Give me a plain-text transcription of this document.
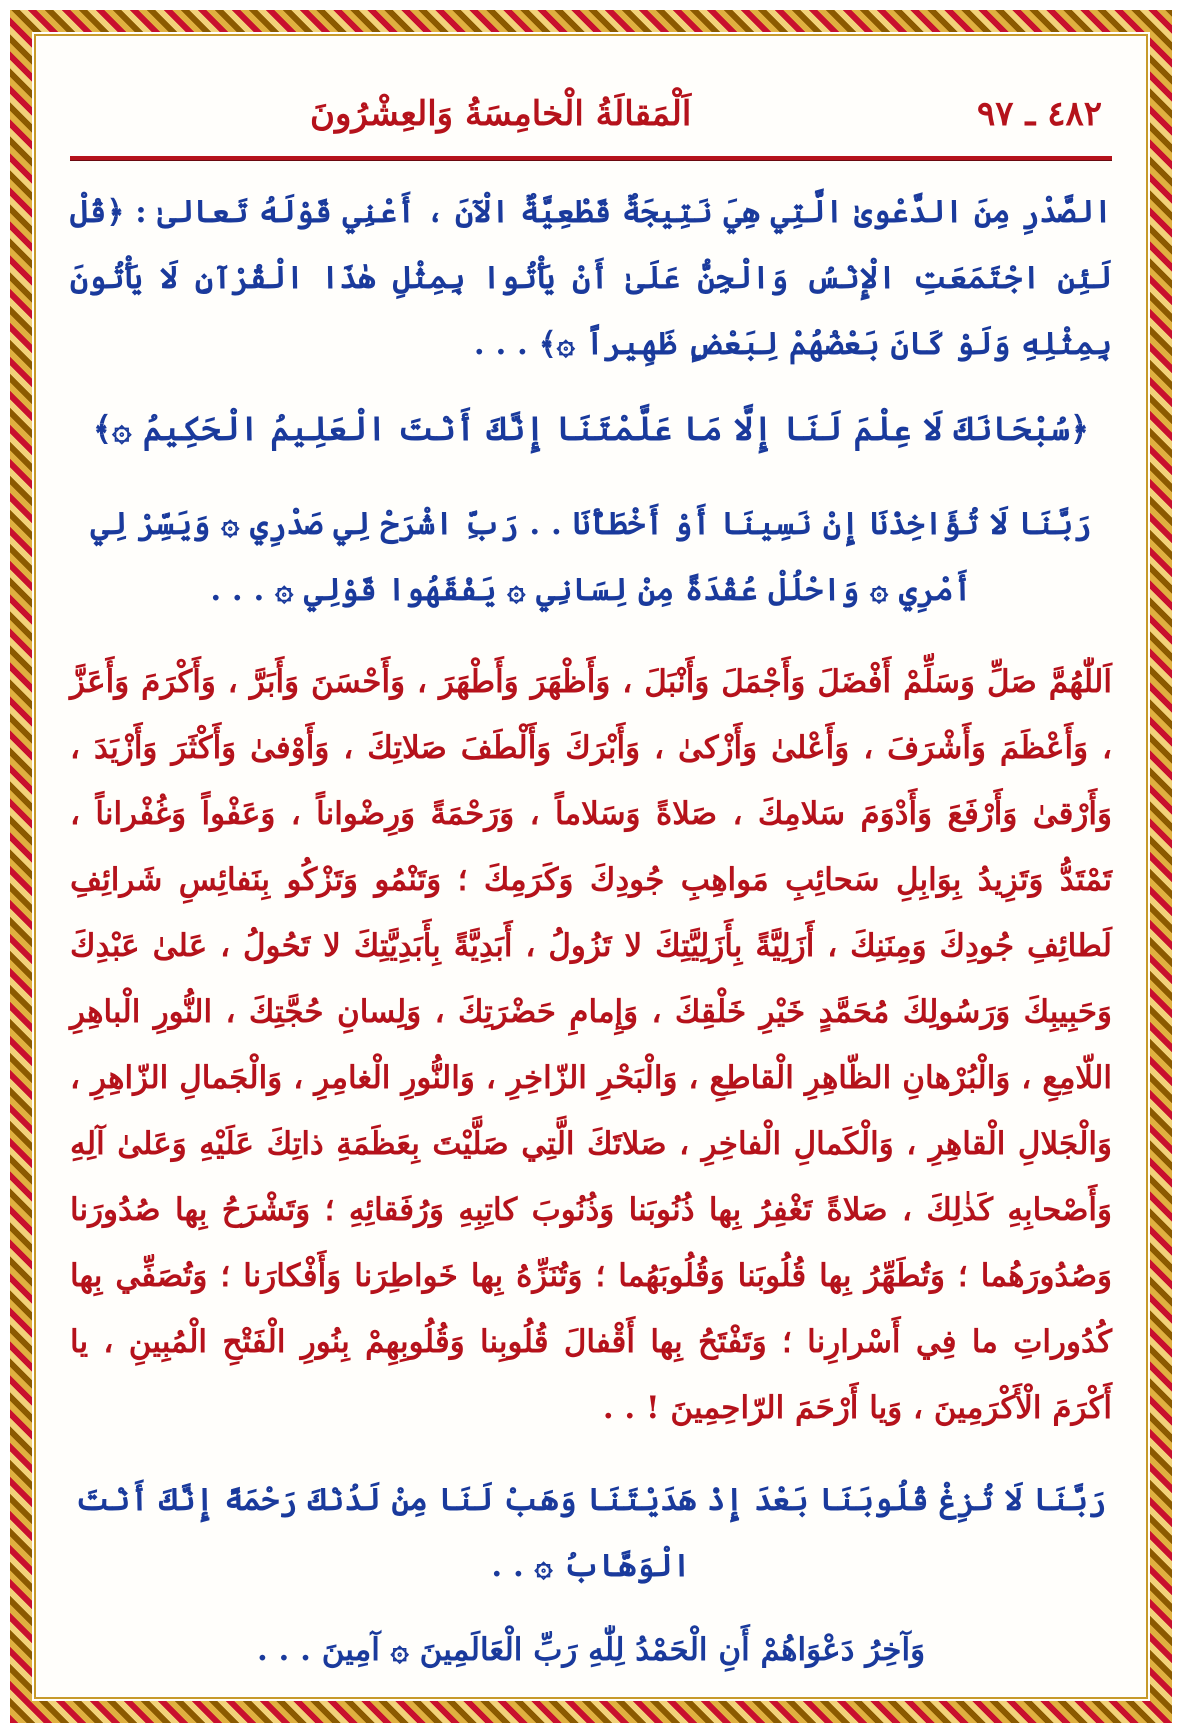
٤٨٢ ـ ٩٧
اَلْمَقالَةُ الْخامِسَةُ وَالعِشْرُونَ

الصَّدْرِ مِنَ الدَّعْوىٰ الَّتِي هِيَ نَتِيجَةٌ قَطْعِيَّةٌ الْآنَ ، أَعْنِي قَوْلَهُ تَعالىٰ : ﴿قُلْ لَئِنِ اجْتَمَعَتِ الْإِنْسُ وَالْجِنُّ عَلَىٰ أَنْ يَأْتُوا بِمِثْلِ هٰذَا الْقُرْآنِ لَا يَأْتُونَ بِمِثْلِهِ وَلَوْ كَانَ بَعْضُهُمْ لِبَعْضٍ ظَهِيراً ۞﴾ . . .

﴿سُبْحَانَكَ لَا عِلْمَ لَنَا إِلَّا مَا عَلَّمْتَنَا إِنَّكَ أَنْتَ الْعَلِيمُ الْحَكِيمُ ۞﴾

رَبَّنَا لَا تُؤَاخِذْنَا إِنْ نَسِينَا أَوْ أَخْطَأْنَا . . رَبِّ اشْرَحْ لِي صَدْرِي ۞ وَيَسِّرْ لِي أَمْرِي ۞ وَاحْلُلْ عُقْدَةً مِنْ لِسَانِي ۞ يَفْقَهُوا قَوْلِي ۞ . . .

اَللّٰهُمَّ صَلِّ وَسَلِّمْ أَفْضَلَ وَأَجْمَلَ وَأَنْبَلَ ، وَأَظْهَرَ وَأَطْهَرَ ، وَأَحْسَنَ وَأَبَرَّ ، وَأَكْرَمَ وَأَعَزَّ ، وَأَعْظَمَ وَأَشْرَفَ ، وَأَعْلىٰ وَأَزْكىٰ ، وَأَبْرَكَ وَأَلْطَفَ صَلاتِكَ ، وَأَوْفىٰ وَأَكْثَرَ وَأَزْيَدَ ، وَأَرْقىٰ وَأَرْفَعَ وَأَدْوَمَ سَلامِكَ ، صَلاةً وَسَلاماً ، وَرَحْمَةً وَرِضْواناً ، وَعَفْواً وَغُفْراناً ، تَمْتَدُّ وَتَزِيدُ بِوَابِلِ سَحائِبِ مَواهِبِ جُودِكَ وَكَرَمِكَ ؛ وَتَنْمُو وَتَزْكُو بِنَفائِسِ شَرائِفِ لَطائِفِ جُودِكَ وَمِنَنِكَ ، أَزَلِيَّةً بِأَزَلِيَّتِكَ لا تَزُولُ ، أَبَدِيَّةً بِأَبَدِيَّتِكَ لا تَحُولُ ، عَلىٰ عَبْدِكَ وَحَبِيبِكَ وَرَسُولِكَ مُحَمَّدٍ خَيْرِ خَلْقِكَ ، وَإِمامِ حَضْرَتِكَ ، وَلِسانِ حُجَّتِكَ ، النُّورِ الْباهِرِ اللّامِعِ ، وَالْبُرْهانِ الظّاهِرِ الْقاطِعِ ، وَالْبَحْرِ الزّاخِرِ ، وَالنُّورِ الْغامِرِ ، وَالْجَمالِ الزّاهِرِ ، وَالْجَلالِ الْقاهِرِ ، وَالْكَمالِ الْفاخِرِ ، صَلاتَكَ الَّتِي صَلَّيْتَ بِعَظَمَةِ ذاتِكَ عَلَيْهِ وَعَلىٰ آلِهِ وَأَصْحابِهِ كَذٰلِكَ ، صَلاةً تَغْفِرُ بِها ذُنُوبَنا وَذُنُوبَ كاتِبِهِ وَرُفَقائِهِ ؛ وَتَشْرَحُ بِها صُدُورَنا وَصُدُورَهُما ؛ وَتُطَهِّرُ بِها قُلُوبَنا وَقُلُوبَهُما ؛ وَتُنَزِّهُ بِها خَواطِرَنا وَأَفْكارَنا ؛ وَتُصَفِّي بِها كُدُوراتِ ما فِي أَسْرارِنا ؛ وَتَفْتَحُ بِها أَقْفالَ قُلُوبِنا وَقُلُوبِهِمْ بِنُورِ الْفَتْحِ الْمُبِينِ ، يا أَكْرَمَ الْأَكْرَمِينَ ، وَيا أَرْحَمَ الرّاحِمِينَ ! . .

رَبَّنَا لَا تُزِغْ قُلُوبَنَا بَعْدَ إِذْ هَدَيْتَنَا وَهَبْ لَنَا مِنْ لَدُنْكَ رَحْمَةً إِنَّكَ أَنْتَ الْوَهَّابُ ۞ . .

وَآخِرُ دَعْوَاهُمْ أَنِ الْحَمْدُ لِلّٰهِ رَبِّ الْعَالَمِينَ ۞ آمِينَ . . .
